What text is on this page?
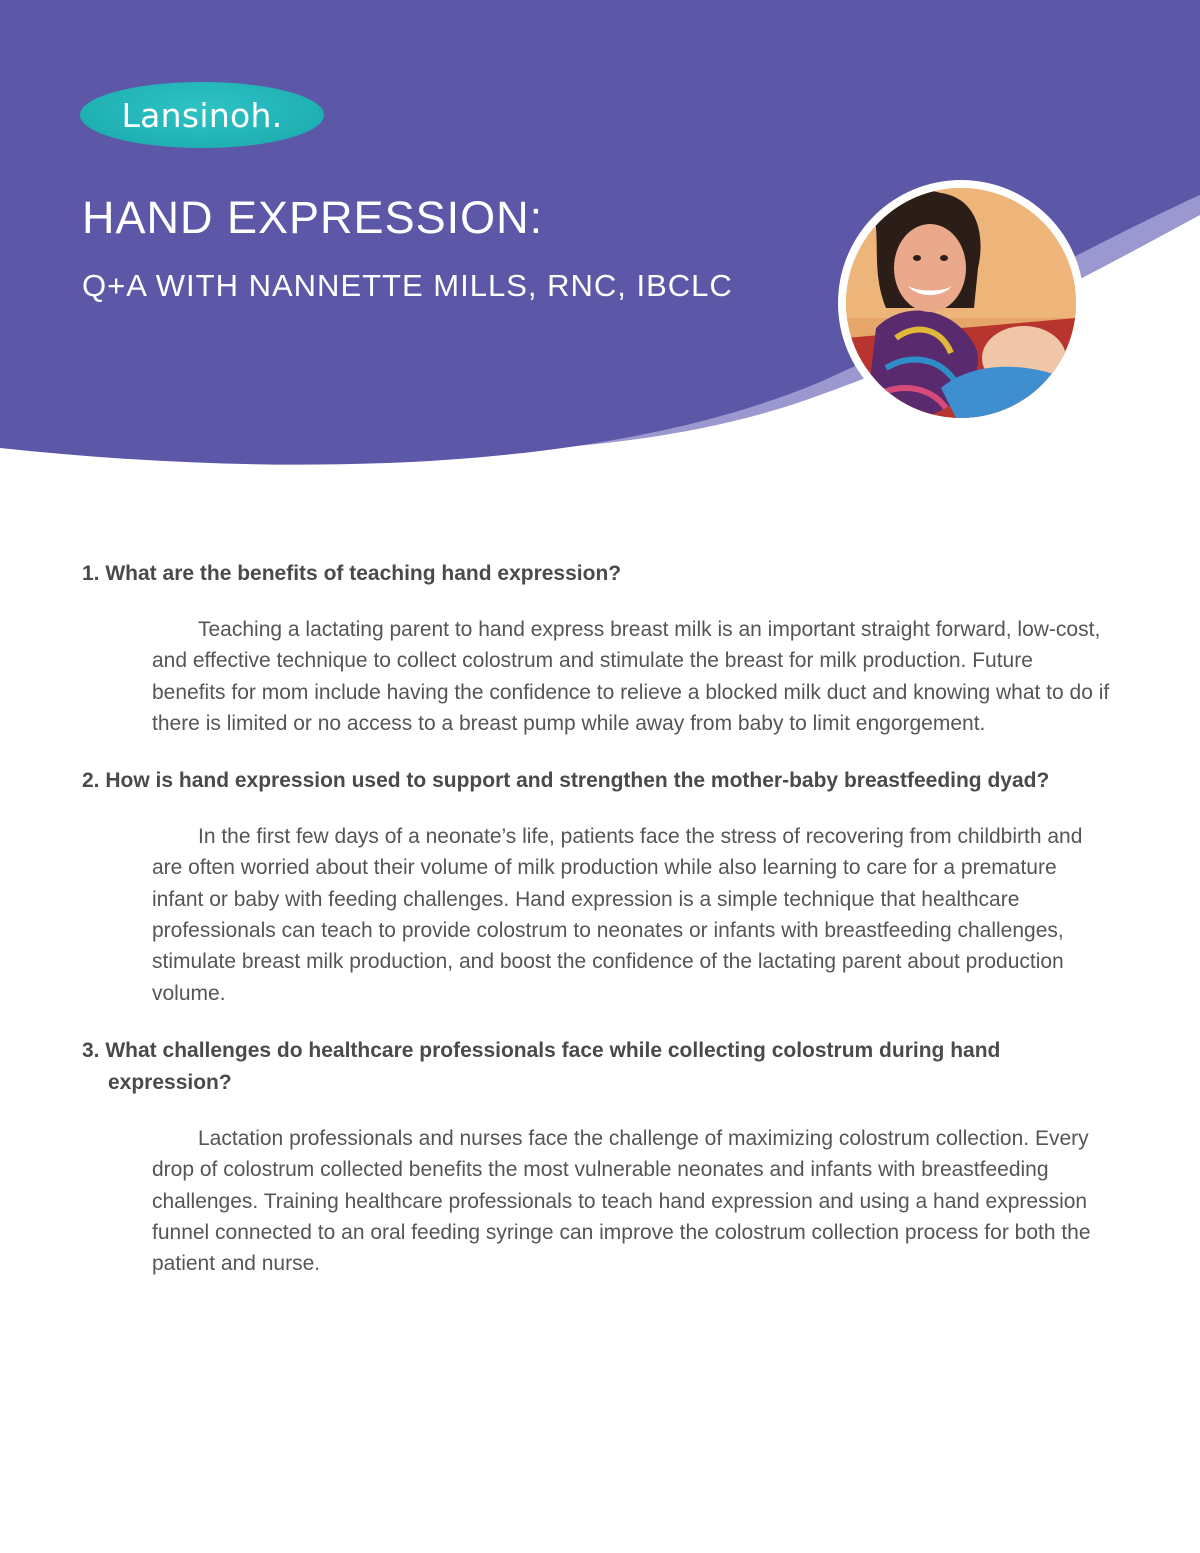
Lansinoh.
HAND EXPRESSION:
Q+A WITH NANNETTE MILLS, RNC, IBCLC

1. What are the benefits of teaching hand expression?

Teaching a lactating parent to hand express breast milk is an important straight forward, low-cost, and effective technique to collect colostrum and stimulate the breast for milk production. Future benefits for mom include having the confidence to relieve a blocked milk duct and knowing what to do if there is limited or no access to a breast pump while away from baby to limit engorgement.

2. How is hand expression used to support and strengthen the mother-baby breastfeeding dyad?

In the first few days of a neonate’s life, patients face the stress of recovering from childbirth and are often worried about their volume of milk production while also learning to care for a premature infant or baby with feeding challenges. Hand expression is a simple technique that healthcare professionals can teach to provide colostrum to neonates or infants with breastfeeding challenges, stimulate breast milk production, and boost the confidence of the lactating parent about production volume.

3. What challenges do healthcare professionals face while collecting colostrum during hand expression?

Lactation professionals and nurses face the challenge of maximizing colostrum collection. Every drop of colostrum collected benefits the most vulnerable neonates and infants with breastfeeding challenges. Training healthcare professionals to teach hand expression and using a hand expression funnel connected to an oral feeding syringe can improve the colostrum collection process for both the patient and nurse.
